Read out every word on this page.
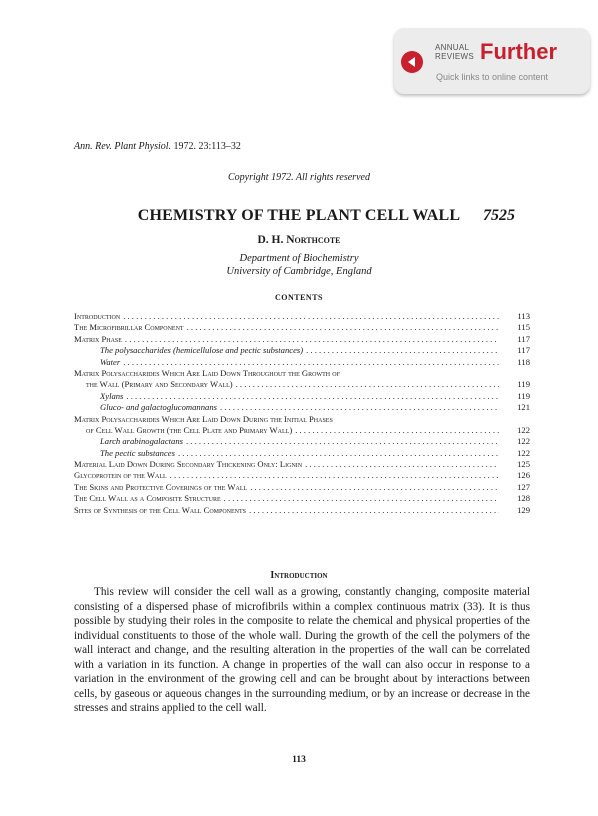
ANNUAL
REVIEWS Further
Quick links to online content
Ann. Rev. Plant Physiol. 1972. 23:113–32
Copyright 1972. All rights reserved
CHEMISTRY OF THE PLANT CELL WALL	7525
D. H. Northcote
Department of Biochemistry
University of Cambridge, England
CONTENTS
Introduction . . .	113
The Microfibrillar Component . . .	115
Matrix Phase . . .	117
The polysaccharides (hemicellulose and pectic substances) . . .	117
Water . . .	118
Matrix Polysaccharides Which Are Laid Down Throughout the Growth of
the Wall (Primary and Secondary Wall) . . .	119
Xylans . . .	119
Gluco- and galactoglucomannans . . .	121
Matrix Polysaccharides Which Are Laid Down During the Initial Phases
of Cell Wall Growth (the Cell Plate and Primary Wall) . . .	122
Larch arabinogalactans . . .	122
The pectic substances . . .	122
Material Laid Down During Secondary Thickening Only: Lignin . . .	125
Glycoprotein of the Wall . . .	126
The Skins and Protective Coverings of the Wall . . .	127
The Cell Wall as a Composite Structure . . .	128
Sites of Synthesis of the Cell Wall Components . . .	129
Introduction

This review will consider the cell wall as a growing, constantly changing, composite material consisting of a dispersed phase of microfibrils within a complex continuous matrix (33). It is thus possible by studying their roles in the composite to relate the chemical and physical properties of the individual constituents to those of the whole wall. During the growth of the cell the polymers of the wall interact and change, and the resulting alteration in the properties of the wall can be correlated with a variation in its function. A change in properties of the wall can also occur in response to a variation in the environment of the growing cell and can be brought about by interactions between cells, by gaseous or aqueous changes in the surrounding medium, or by an increase or decrease in the stresses and strains applied to the cell wall.

113
